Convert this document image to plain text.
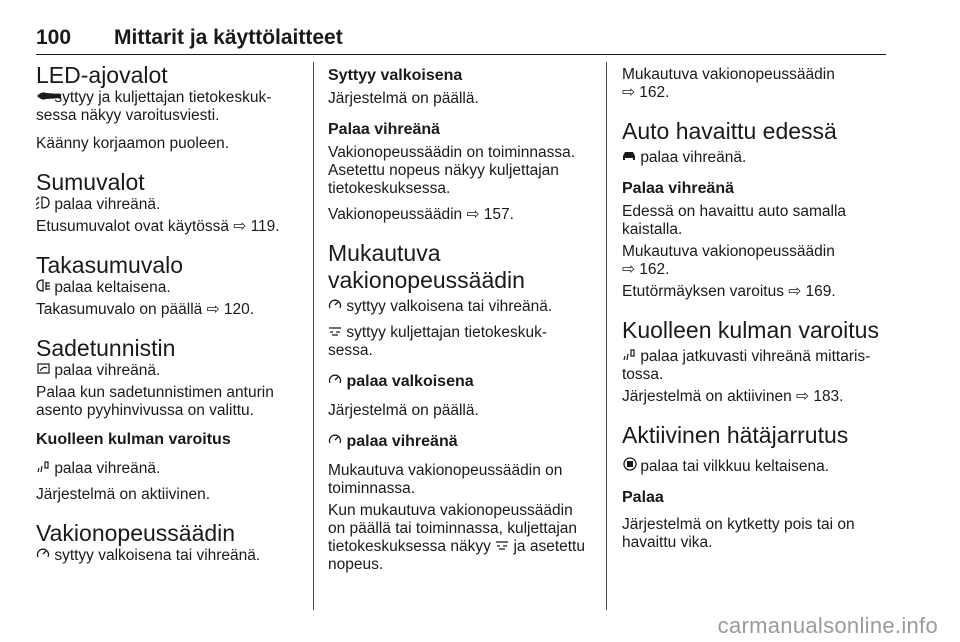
100 Mittarit ja käyttölaitteet
LED-ajovalot

syttyy ja kuljettajan tietokeskuk-

sessa näkyy varoitusviesti.

Käänny korjaamon puoleen.

Sumuvalot

palaa vihreänä.

Etusumuvalot ovat käytössä ⇨ 119.

Takasumuvalo

palaa keltaisena.

Takasumuvalo on päällä ⇨ 120.

Sadetunnistin

palaa vihreänä.

Palaa kun sadetunnistimen anturin

asento pyyhinvivussa on valittu.

Kuolleen kulman varoitus

palaa vihreänä.

Järjestelmä on aktiivinen.

Vakionopeussäädin

syttyy valkoisena tai vihreänä.

Syttyy valkoisena

Järjestelmä on päällä.

Palaa vihreänä

Vakionopeussäädin on toiminnassa.

Asetettu nopeus näkyy kuljettajan

tietokeskuksessa.

Vakionopeussäädin ⇨ 157.

Mukautuva
vakionopeussäädin

syttyy valkoisena tai vihreänä.

syttyy kuljettajan tietokeskuk-

sessa.

palaa valkoisena

Järjestelmä on päällä.

palaa vihreänä

Mukautuva vakionopeussäädin on

toiminnassa.

Kun mukautuva vakionopeussäädin

on päällä tai toiminnassa, kuljettajan

tietokeskuksessa näkyy ja asetettu

nopeus.

Mukautuva vakionopeussäädin

⇨ 162.

Auto havaittu edessä

palaa vihreänä.

Palaa vihreänä

Edessä on havaittu auto samalla

kaistalla.

Mukautuva vakionopeussäädin

⇨ 162.

Etutörmäyksen varoitus ⇨ 169.

Kuolleen kulman varoitus

palaa jatkuvasti vihreänä mittaris-

tossa.

Järjestelmä on aktiivinen ⇨ 183.

Aktiivinen hätäjarrutus

palaa tai vilkkuu keltaisena.

Palaa

Järjestelmä on kytketty pois tai on

havaittu vika.

carmanualsonline.info
